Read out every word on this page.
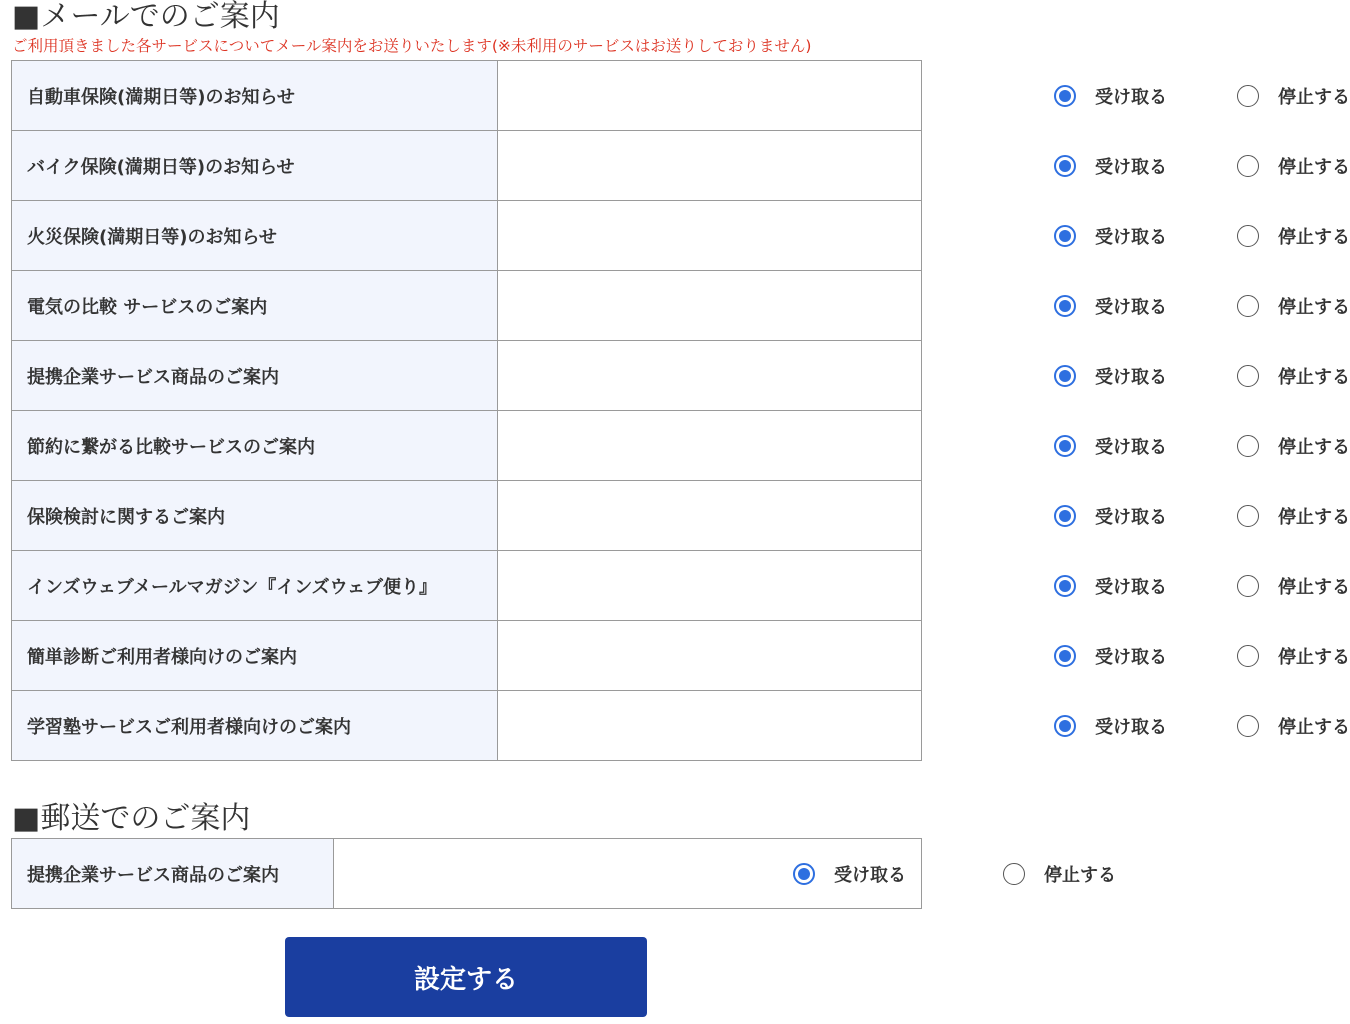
■メールでのご案内
ご利用頂きました各サービスについてメール案内をお送りいたします(※未利用のサービスはお送りしておりません)
自動車保険(満期日等)のお知らせ	受け取る 停止する

バイク保険(満期日等)のお知らせ	受け取る 停止する

火災保険(満期日等)のお知らせ	受け取る 停止する

電気の比較 サービスのご案内	受け取る 停止する

提携企業サービス商品のご案内	受け取る 停止する

節約に繋がる比較サービスのご案内	受け取る 停止する

保険検討に関するご案内	受け取る 停止する

インズウェブメールマガジン『インズウェブ便り』	受け取る 停止する

簡単診断ご利用者様向けのご案内	受け取る 停止する

学習塾サービスご利用者様向けのご案内	受け取る 停止する
■郵送でのご案内
提携企業サービス商品のご案内	受け取る	停止する
設定する
